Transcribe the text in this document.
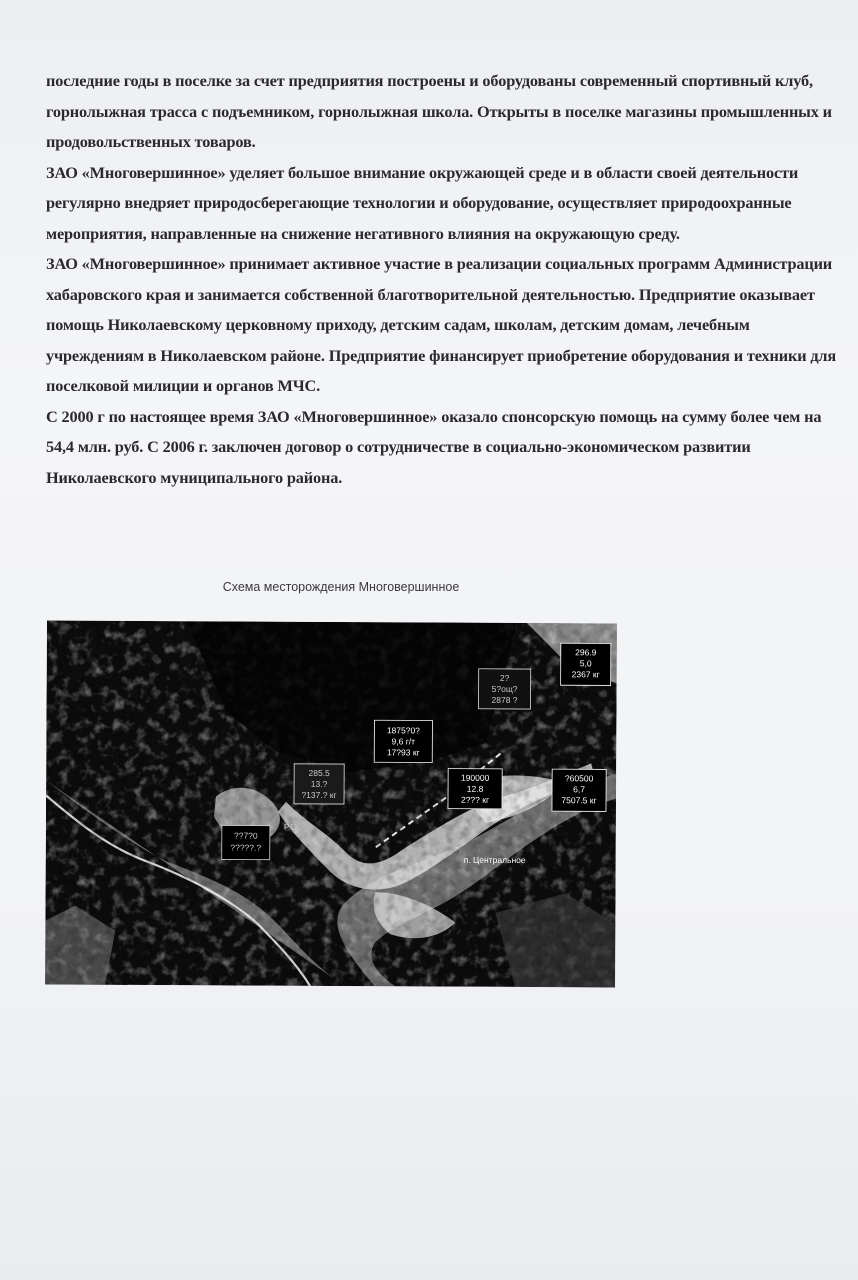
последние годы в поселке за счет предприятия построены и оборудованы современный спортивный клуб, горнолыжная трасса с подъемником, горнолыжная школа. Открыты в поселке магазины промышленных и продовольственных товаров.

ЗАО «Многовершинное» уделяет большое внимание окружающей среде и в области своей деятельности регулярно внедряет природосберегающие технологии и оборудование, осуществляет природоохранные мероприятия, направленные на снижение негативного влияния на окружающую среду.

ЗАО «Многовершинное» принимает активное участие в реализации социальных программ Администрации хабаровского края и занимается собственной благотворительной деятельностью. Предприятие оказывает помощь Николаевскому церковному приходу, детским садам, школам, детским домам, лечебным учреждениям в Николаевском районе. Предприятие финансирует приобретение оборудования и техники для поселковой милиции и органов МЧС.

С 2000 г по настоящее время ЗАО «Многовершинное» оказало спонсорскую помощь на сумму более чем на 54,4 млн. руб. С 2006 г. заключен договор о сотрудничестве в социально-экономическом развитии Николаевского муниципального района.

Схема месторождения Многовершинное
296.9
5,0
2367 кг
2?
5?ощ?
2878 ?
1875?0?
9,6 г/т
17?93 кг
285.5
13.?
?137.? кг
190000
12.8
2??? кг
?60500
6,7
7507.5 кг
??7?0
?????.?
Р.С.
п. Центральное
